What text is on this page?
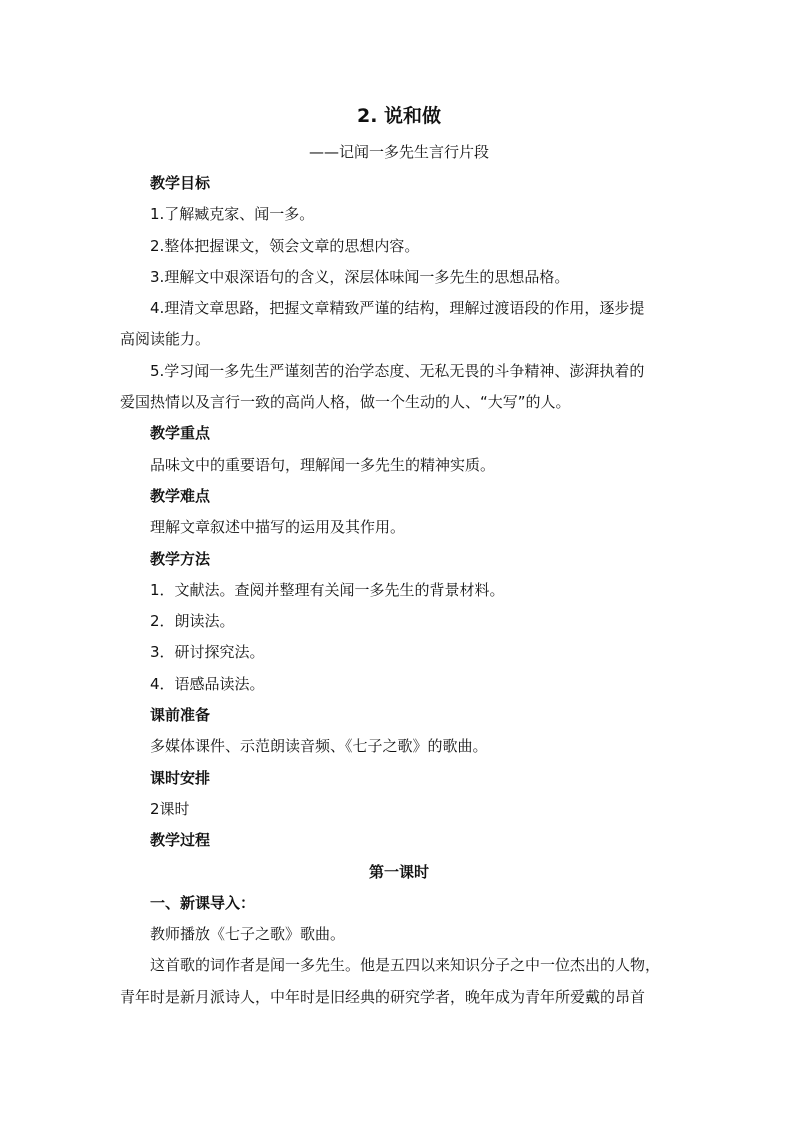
2. 说和做
——记闻一多先生言行片段

教学目标

1.了解臧克家、闻一多。

2.整体把握课文，领会文章的思想内容。

3.理解文中艰深语句的含义，深层体味闻一多先生的思想品格。

4.理清文章思路，把握文章精致严谨的结构，理解过渡语段的作用，逐步提

高阅读能力。

5.学习闻一多先生严谨刻苦的治学态度、无私无畏的斗争精神、澎湃执着的

爱国热情以及言行一致的高尚人格，做一个生动的人、“大写”的人。

教学重点

品味文中的重要语句，理解闻一多先生的精神实质。

教学难点

理解文章叙述中描写的运用及其作用。

教学方法

1．文献法。查阅并整理有关闻一多先生的背景材料。

2．朗读法。

3．研讨探究法。

4．语感品读法。

课前准备

多媒体课件、示范朗读音频、《七子之歌》的歌曲。

课时安排

2课时

教学过程

第一课时

一、新课导入：

教师播放《七子之歌》歌曲。

这首歌的词作者是闻一多先生。他是五四以来知识分子之中一位杰出的人物，

青年时是新月派诗人，中年时是旧经典的研究学者，晚年成为青年所爱戴的昂首
